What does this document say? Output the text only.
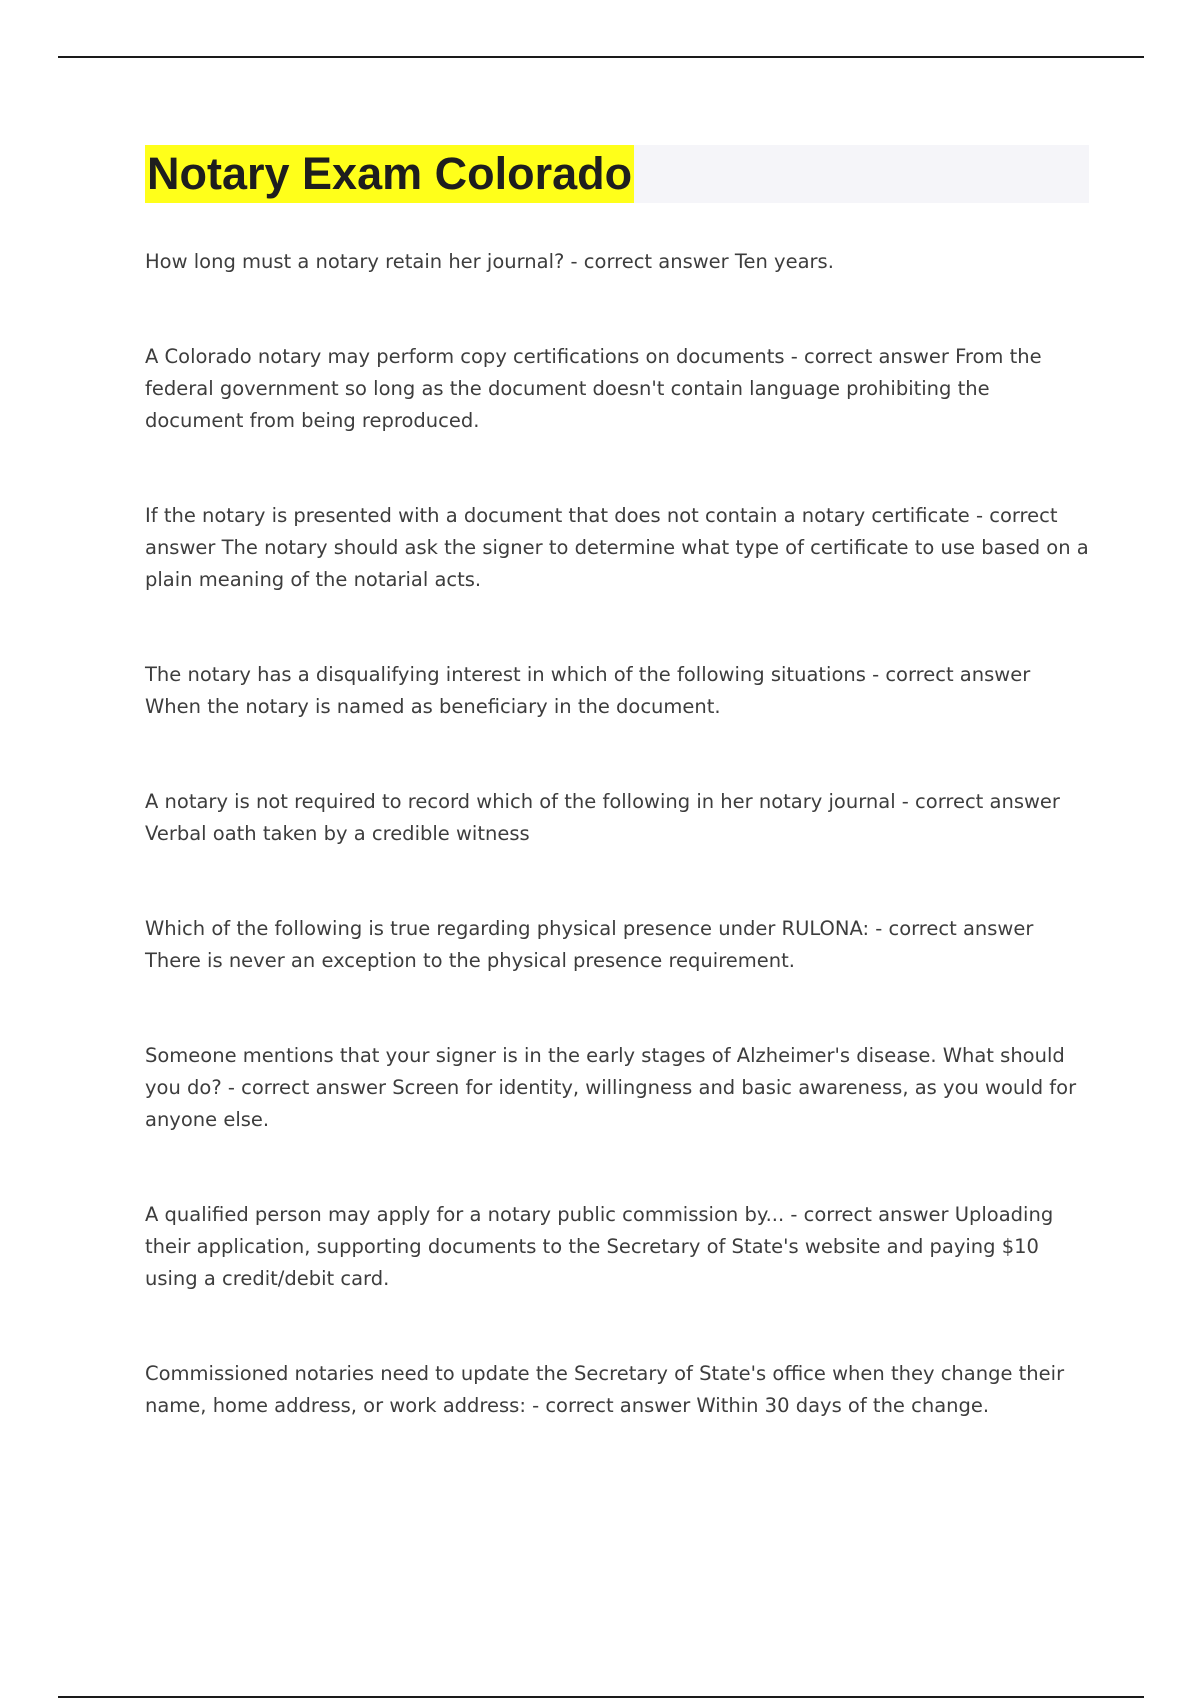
Notary Exam Colorado
How long must a notary retain her journal? - correct answer Ten years.
A Colorado notary may perform copy certifications on documents - correct answer From the federal government so long as the document doesn't contain language prohibiting the document from being reproduced.
If the notary is presented with a document that does not contain a notary certificate - correct answer The notary should ask the signer to determine what type of certificate to use based on a plain meaning of the notarial acts.
The notary has a disqualifying interest in which of the following situations - correct answer When the notary is named as beneficiary in the document.
A notary is not required to record which of the following in her notary journal - correct answer Verbal oath taken by a credible witness
Which of the following is true regarding physical presence under RULONA: - correct answer There is never an exception to the physical presence requirement.
Someone mentions that your signer is in the early stages of Alzheimer's disease. What should you do? - correct answer Screen for identity, willingness and basic awareness, as you would for anyone else.
A qualified person may apply for a notary public commission by... - correct answer Uploading their application, supporting documents to the Secretary of State's website and paying $10 using a credit/debit card.
Commissioned notaries need to update the Secretary of State's office when they change their name, home address, or work address: - correct answer Within 30 days of the change.
